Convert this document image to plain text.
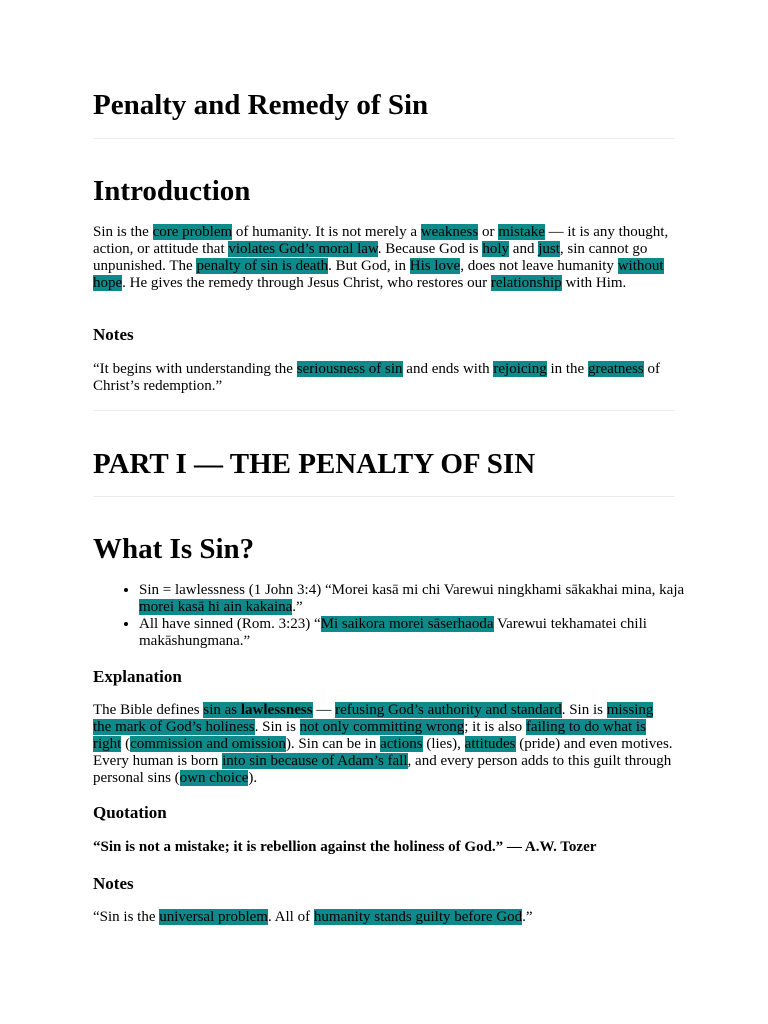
Penalty and Remedy of Sin
Introduction

Sin is the core problem of humanity. It is not merely a weakness or mistake — it is any thought, action, or attitude that violates God’s moral law. Because God is holy and just, sin cannot go unpunished. The penalty of sin is death. But God, in His love, does not leave humanity without hope. He gives the remedy through Jesus Christ, who restores our relationship with Him.

Notes

“It begins with understanding the seriousness of sin and ends with rejoicing in the greatness of Christ’s redemption.”

PART I — THE PENALTY OF SIN
What Is Sin?
• Sin = lawlessness (1 John 3:4) “Morei kasā mi chi Varewui ningkhami sākakhai mina, kaja morei kasā hi ain kakaina.”
• All have sinned (Rom. 3:23) “Mi saikora morei sāserhaoda Varewui tekhamatei chili makāshungmana.”
Explanation

The Bible defines sin as lawlessness — refusing God’s authority and standard. Sin is missing the mark of God’s holiness. Sin is not only committing wrong; it is also failing to do what is right (commission and omission). Sin can be in actions (lies), attitudes (pride) and even motives. Every human is born into sin because of Adam’s fall, and every person adds to this guilt through personal sins (own choice).

Quotation

“Sin is not a mistake; it is rebellion against the holiness of God.” — A.W. Tozer

Notes

“Sin is the universal problem. All of humanity stands guilty before God.”
